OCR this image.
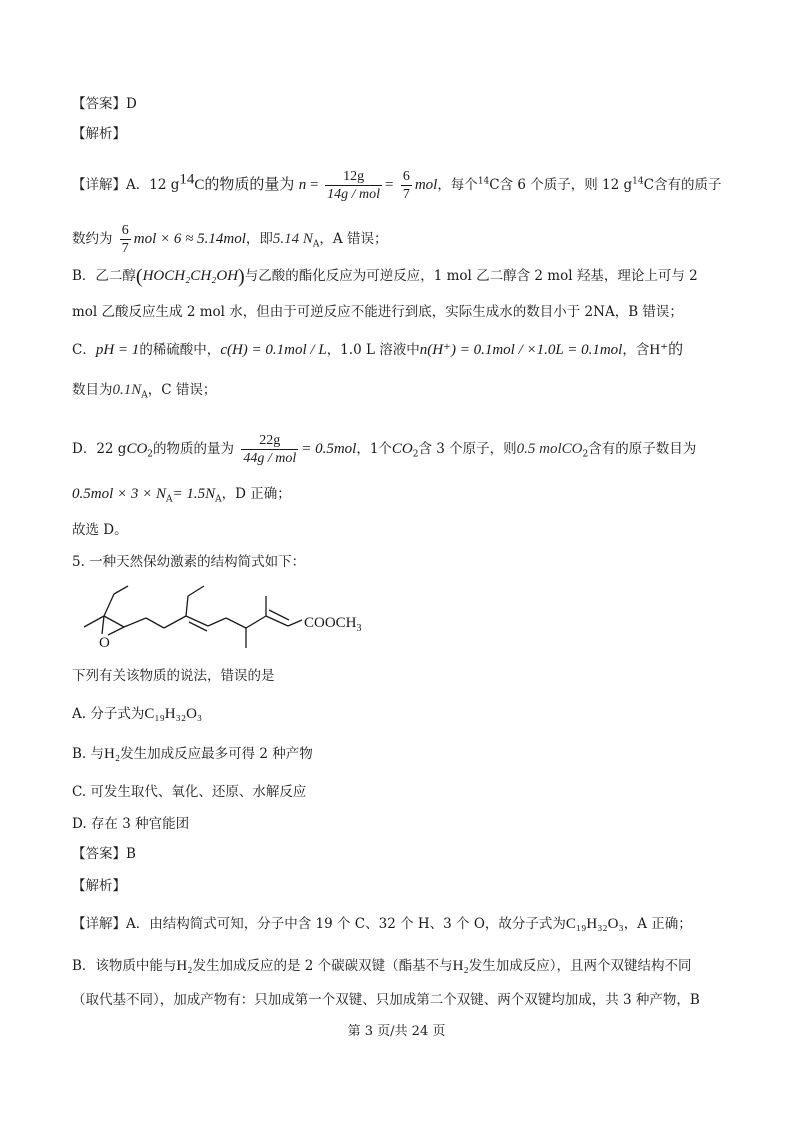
【答案】D
【解析】
【详解】A．12 $g^{14}C$的物质的量为 $n = \frac{12g}{\text{14g / mol}} = \frac{6}{7}$ mol，每个$^{14}$C含 6 个质子，则 12 $g^{14}C$含有的质子
数约为 $\frac{6}{7}$ mol × 6 ≈ 5.14mol，即5.14 $N_A$，A 错误；
B．乙二醇(HOCH₂CH₂OH)与乙酸的酯化反应为可逆反应，1 mol 乙二醇含 2 mol 羟基，理论上可与 2
mol 乙酸反应生成 2 mol 水，但由于可逆反应不能进行到底，实际生成水的数目小于 2NA，B 错误；
C．pH = 1的稀硫酸中，c(H) = 0.1mol / L，1.0 L 溶液中n(H⁺) = 0.1mol / ×1.0L = 0.1mol，含H⁺的
数目为$0.1N_A$，C 错误；
D．22 gCO$_2$的物质的量为 $\frac{22g}{\text{44g / mol}} = 0.5mol$，1个$CO_2$含 3 个原子，则0.5 molCO$_2$含有的原子数目为
$0.5mol \times 3 \times N_A= 1.5N_A$，D 正确；
故选 D。
5. 一种天然保幼激素的结构简式如下：
O
$COOCH_3$
下列有关该物质的说法，错误的是
A. 分子式为C₁₉H₃₂O₃
B. 与H₂发生加成反应最多可得 2 种产物
C. 可发生取代、氧化、还原、水解反应
D. 存在 3 种官能团
【答案】B
【解析】
【详解】A．由结构简式可知，分子中含 19 个 C、32 个 H、3 个 O，故分子式为C₁₉H₃₂O₃，A 正确；
B．该物质中能与H₂发生加成反应的是 2 个碳碳双键（酯基不与H₂发生加成反应），且两个双键结构不同
（取代基不同），加成产物有：只加成第一个双键、只加成第二个双键、两个双键均加成，共 3 种产物，B
第 3 页/共 24 页
